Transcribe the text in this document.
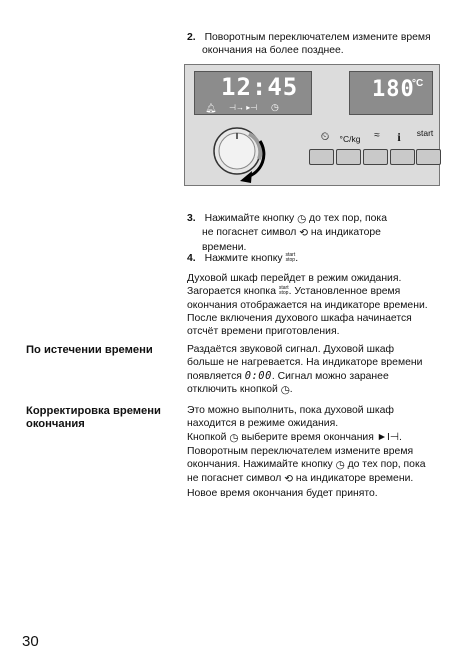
2. Поворотным переключателем измените время
окончания на более позднее.
12:45
🔔︎ ⊣→ ▸⊣ ◷
180
°C
⏲	°C/kg	≈	i	start
3. Нажимайте кнопку ◷ до тех пор, пока
не погаснет символ ⟲ на индикаторе
времени.
4. Нажмите кнопку start
stop.
Духовой шкаф перейдет в режим ожидания.
Загорается кнопка start
stop. Установленное время
окончания отображается на индикаторе времени.
После включения духового шкафа начинается
отсчёт времени приготовления.
По истечении времени	Раздаётся звуковой сигнал. Духовой шкаф
больше не нагревается. На индикаторе времени
появляется 0:00. Сигнал можно заранее
отключить кнопкой ◷.
Корректировка времени
окончания
Это можно выполнить, пока духовой шкаф
находится в режиме ожидания.
Кнопкой ◷ выберите время окончания ►I⊣.
Поворотным переключателем измените время
окончания. Нажимайте кнопку ◷ до тех пор, пока
не погаснет символ ⟲ на индикаторе времени.
Новое время окончания будет принято.
30
